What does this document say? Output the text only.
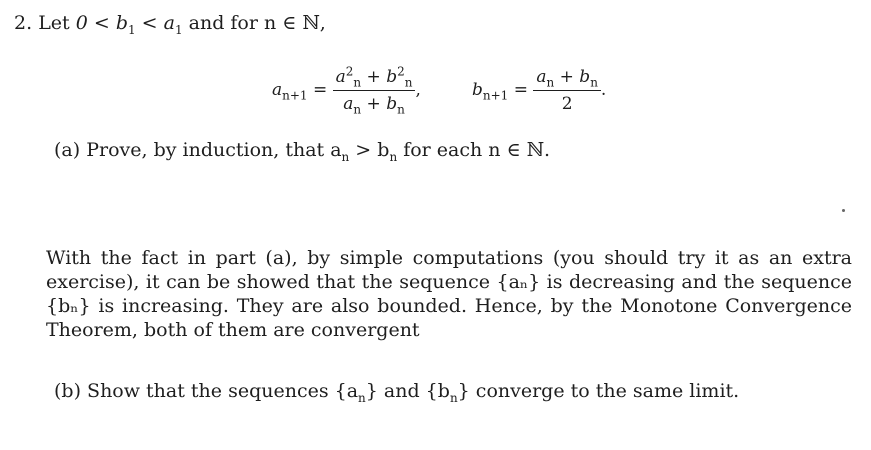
2. Let $0 < b_1 < a_1$ and for n ∈ ℕ,
$a_{n+1} = \frac{a^2_n + b^2_n}{a_n + b_n}$ ,	$b_{n+1} = \frac{a_n + b_n}{2}$ .
(a) Prove, by induction, that $a_n > b_n$ for each n ∈ ℕ.
With the fact in part (a), by simple computations (you should try it as an extra exercise), it can be showed that the sequence {aₙ} is decreasing and the sequence {bₙ} is increasing. They are also bounded. Hence, by the Monotone Convergence Theorem, both of them are convergent
(b) Show that the sequences $\{a_n\}$ and $\{b_n\}$ converge to the same limit.
